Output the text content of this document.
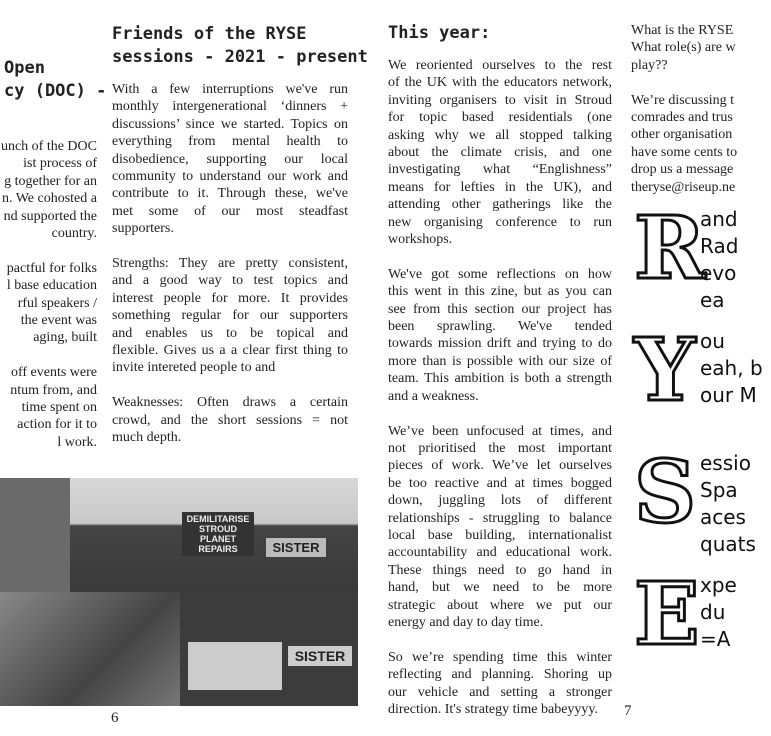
Open
cy (DOC) -
unch of the DOC
ist process of
g together for an
n. We cohosted a
nd supported the
country.
pactful for folks
l base education
rful speakers /
the event was
aging, built
off events were
ntum from, and
time spent on
action for it to
l work.
Friends of the RYSE
sessions - 2021 - present
With a few interruptions we've run
monthly intergenerational ‘dinners +
discussions’ since we started. Topics on
everything from mental health to
disobedience, supporting our local
community to understand our work and
contribute to it. Through these, we've
met some of our most steadfast
supporters.
Strengths: They are pretty consistent,
and a good way to test topics and
interest people for more. It provides
something regular for our supporters
and enables us to be topical and
flexible. Gives us a a clear first thing to
invite intereted people to and
Weaknesses: Often draws a certain
crowd, and the short sessions = not
much depth.
DEMILITARISE STROUD PLANET REPAIRS	SISTER
SISTER
6
This year:
We reoriented ourselves to the rest
of the UK with the educators network,
inviting organisers to visit in Stroud
for topic based residentials (one
asking why we all stopped talking
about the climate crisis, and one
investigating what “Englishness”
means for lefties in the UK), and
attending other gatherings like the
new organising conference to run
workshops.
We've got some reflections on how
this went in this zine, but as you can
see from this section our project has
been sprawling. We've tended
towards mission drift and trying to do
more than is possible with our size of
team. This ambition is both a strength
and a weakness.
We’ve been unfocused at times, and
not prioritised the most important
pieces of work. We’ve let ourselves
be too reactive and at times bogged
down, juggling lots of different
relationships - struggling to balance
local base building, internationalist
accountability and educational work.
These things need to go hand in
hand, but we need to be more
strategic about where we put our
energy and day to day time.
So we’re spending time this winter
reflecting and planning. Shoring up
our vehicle and setting a stronger
direction. It's strategy time babeyyyy.	7
What is the RYSE
What role(s) are w
play??
We’re discussing t
comrades and trus
other organisation
have some cents to
drop us a message
theryse@riseup.ne
R
and
Rad
evo
ea
Y ou
eah, b
our M
S essio
Spa
aces
quats
E xpe
du
=A
